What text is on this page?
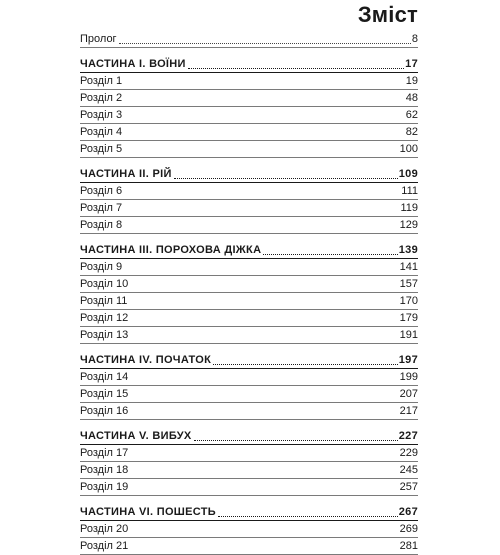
Зміст
Пролог	8
ЧАСТИНА I. ВОЇНИ	17
Розділ 1	19
Розділ 2	48
Розділ 3	62
Розділ 4	82
Розділ 5	100
ЧАСТИНА II. РІЙ	109
Розділ 6	111
Розділ 7	119
Розділ 8	129
ЧАСТИНА III. ПОРОХОВА ДІЖКА	139
Розділ 9	141
Розділ 10	157
Розділ 11	170
Розділ 12	179
Розділ 13	191
ЧАСТИНА IV. ПОЧАТОК	197
Розділ 14	199
Розділ 15	207
Розділ 16	217
ЧАСТИНА V. ВИБУХ	227
Розділ 17	229
Розділ 18	245
Розділ 19	257
ЧАСТИНА VI. ПОШЕСТЬ	267
Розділ 20	269
Розділ 21	281
